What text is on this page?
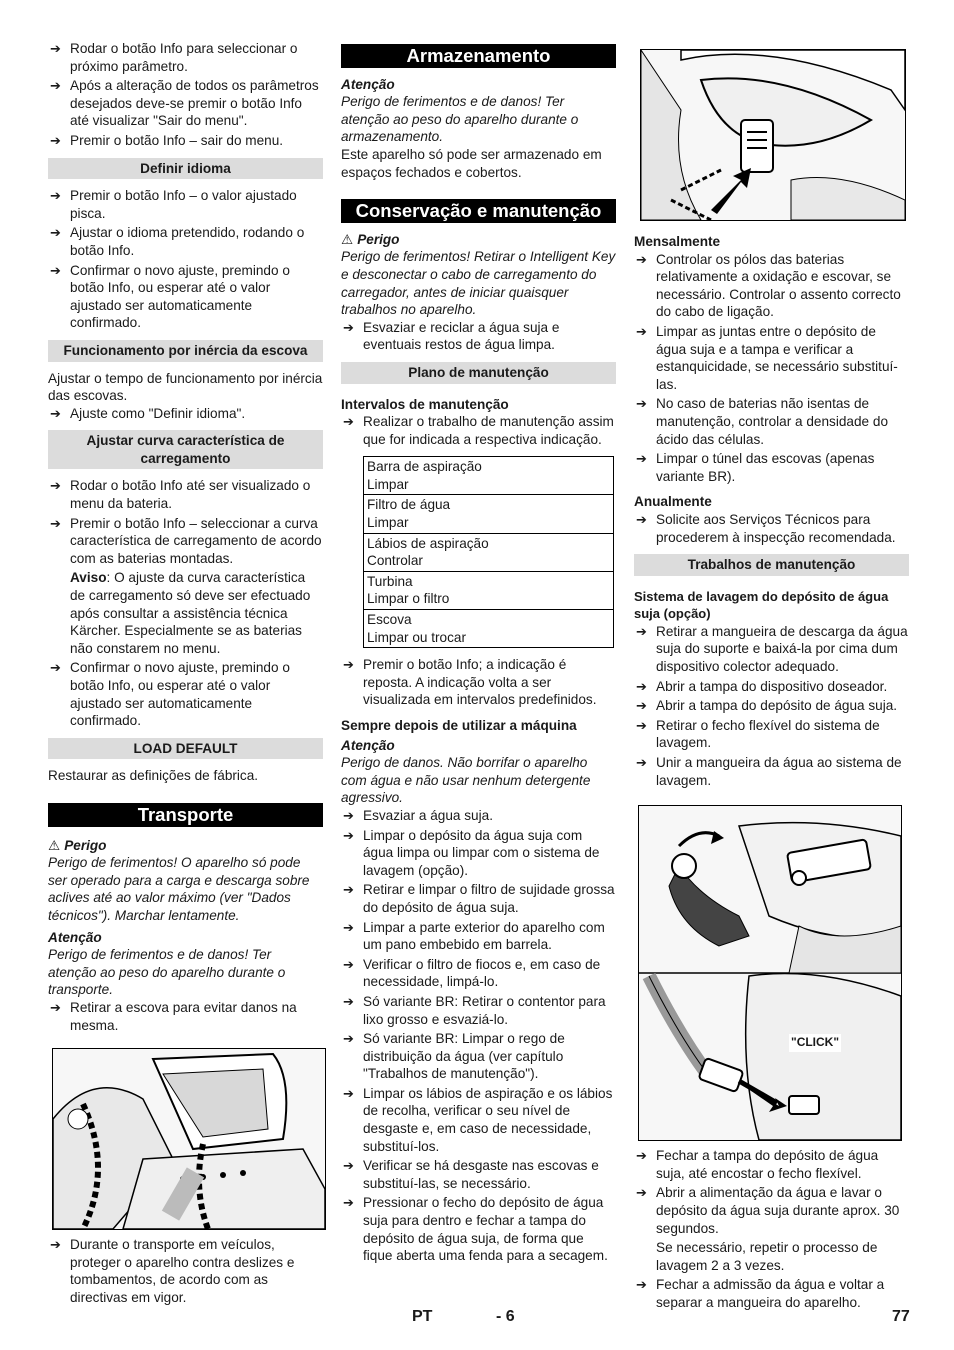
➔ Rodar o botão Info para seleccionar o próximo parâmetro.

➔ Após a alteração de todos os parâmetros desejados deve-se premir o botão Info até visualizar "Sair do menu".

➔ Premir o botão Info – sair do menu.

Definir idioma

➔ Premir o botão Info – o valor ajustado pisca.

➔ Ajustar o idioma pretendido, rodando o botão Info.

➔ Confirmar o novo ajuste, premindo o botão Info, ou esperar até o valor ajustado ser automaticamente confirmado.

Funcionamento por inércia da escova

Ajustar o tempo de funcionamento por inércia das escovas.

➔ Ajuste como "Definir idioma".

Ajustar curva característica de carregamento

➔ Rodar o botão Info até ser visualizado o menu da bateria.

➔ Premir o botão Info – seleccionar a curva característica de carregamento de acordo com as baterias montadas.

Aviso: O ajuste da curva característica de carregamento só deve ser efectuado após consultar a assistência técnica Kärcher. Especialmente se as baterias não constarem no menu.

➔ Confirmar o novo ajuste, premindo o botão Info, ou esperar até o valor ajustado ser automaticamente confirmado.

LOAD DEFAULT

Restaurar as definições de fábrica.

Transporte

⚠ Perigo

Perigo de ferimentos! O aparelho só pode ser operado para a carga e descarga sobre aclives até ao valor máximo (ver "Dados técnicos"). Marchar lentamente.

Atenção

Perigo de ferimentos e de danos! Ter atenção ao peso do aparelho durante o transporte.

➔ Retirar a escova para evitar danos na mesma.

➔ Durante o transporte em veículos, proteger o aparelho contra deslizes e tombamentos, de acordo com as directivas em vigor.

Armazenamento

Atenção

Perigo de ferimentos e de danos! Ter atenção ao peso do aparelho durante o armazenamento.

Este aparelho só pode ser armazenado em espaços fechados e cobertos.

Conservação e manutenção

⚠ Perigo

Perigo de ferimentos! Retirar o Intelligent Key e desconectar o cabo de carregamento do carregador, antes de iniciar quaisquer trabalhos no aparelho.

➔ Esvaziar e reciclar a água suja e eventuais restos de água limpa.

Plano de manutenção

Intervalos de manutenção

➔ Realizar o trabalho de manutenção assim que for indicada a respectiva indicação.

Barra de aspiração
Limpar

Filtro de água
Limpar

Lábios de aspiração
Controlar

Turbina
Limpar o filtro

Escova
Limpar ou trocar

➔ Premir o botão Info; a indicação é reposta. A indicação volta a ser visualizada em intervalos predefinidos.

Sempre depois de utilizar a máquina

Atenção

Perigo de danos. Não borrifar o aparelho com água e não usar nenhum detergente agressivo.

➔ Esvaziar a água suja.

➔ Limpar o depósito da água suja com água limpa ou limpar com o sistema de lavagem (opção).

➔ Retirar e limpar o filtro de sujidade grossa do depósito de água suja.

➔ Limpar a parte exterior do aparelho com um pano embebido em barrela.

➔ Verificar o filtro de fiocos e, em caso de necessidade, limpá-lo.

➔ Só variante BR: Retirar o contentor para lixo grosso e esvaziá-lo.

➔ Só variante BR: Limpar o rego de distribuição da água (ver capítulo "Trabalhos de manutenção").

➔ Limpar os lábios de aspiração e os lábios de recolha, verificar o seu nível de desgaste e, em caso de necessidade, substituí-los.

➔ Verificar se há desgaste nas escovas e substituí-las, se necessário.

➔ Pressionar o fecho do depósito de água suja para dentro e fechar a tampa do depósito de água suja, de forma que fique aberta uma fenda para a secagem.

Mensalmente

➔ Controlar os pólos das baterias relativamente a oxidação e escovar, se necessário. Controlar o assento correcto do cabo de ligação.

➔ Limpar as juntas entre o depósito de água suja e a tampa e verificar a estanquicidade, se necessário substituí-las.

➔ No caso de baterias não isentas de manutenção, controlar a densidade do ácido das células.

➔ Limpar o túnel das escovas (apenas variante BR).

Anualmente

➔ Solicite aos Serviços Técnicos para procederem à inspecção recomendada.

Trabalhos de manutenção

Sistema de lavagem do depósito de água suja (opção)

➔ Retirar a mangueira de descarga da água suja do suporte e baixá-la por cima dum dispositivo colector adequado.

➔ Abrir a tampa do dispositivo doseador.

➔ Abrir a tampa do depósito de água suja.

➔ Retirar o fecho flexível do sistema de lavagem.

➔ Unir a mangueira da água ao sistema de lavagem.

"CLICK"

➔ Fechar a tampa do depósito de água suja, até encostar o fecho flexível.

➔ Abrir a alimentação da água e lavar o depósito da água suja durante aprox. 30 segundos.

Se necessário, repetir o processo de lavagem 2 a 3 vezes.

➔ Fechar a admissão da água e voltar a separar a mangueira do aparelho.

PT	- 6	77
